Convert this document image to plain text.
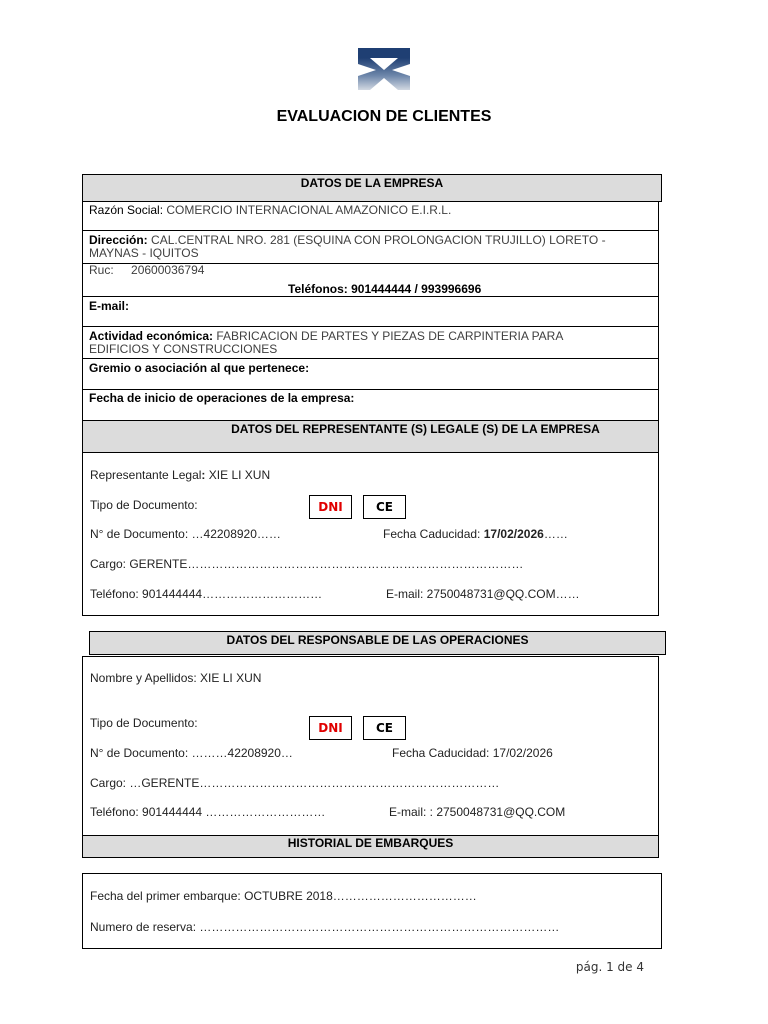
EVALUACION DE CLIENTES
DATOS DE LA EMPRESA
Razón Social: COMERCIO INTERNACIONAL AMAZONICO E.I.R.L.
Dirección: CAL.CENTRAL NRO. 281 (ESQUINA CON PROLONGACION TRUJILLO) LORETO -
MAYNAS - IQUITOS
Ruc: 20600036794
Teléfonos: 901444444 / 993996696
E-mail:
Actividad económica: FABRICACION DE PARTES Y PIEZAS DE CARPINTERIA PARA
EDIFICIOS Y CONSTRUCCIONES
Gremio o asociación al que pertenece:
Fecha de inicio de operaciones de la empresa:
DATOS DEL REPRESENTANTE (S) LEGALE (S) DE LA EMPRESA
Representante Legal: XIE LI XUN
Tipo de Documento:	DNI	CE
N° de Documento: …42208920……	Fecha Caducidad: 17/02/2026……
Cargo: GERENTE…………………………………………………………………………
Teléfono: 901444444…………………………	E-mail: 2750048731@QQ.COM……
DATOS DEL RESPONSABLE DE LAS OPERACIONES
Nombre y Apellidos: XIE LI XUN
Tipo de Documento:	DNI	CE
N° de Documento: ………42208920…	Fecha Caducidad: 17/02/2026
Cargo: …GERENTE…………………………………………………………………
Teléfono: 901444444 …………………………	E-mail: : 2750048731@QQ.COM
HISTORIAL DE EMBARQUES
Fecha del primer embarque: OCTUBRE 2018………………………………
Numero de reserva: ………………………………………………………………………………
pág. 1 de 4
